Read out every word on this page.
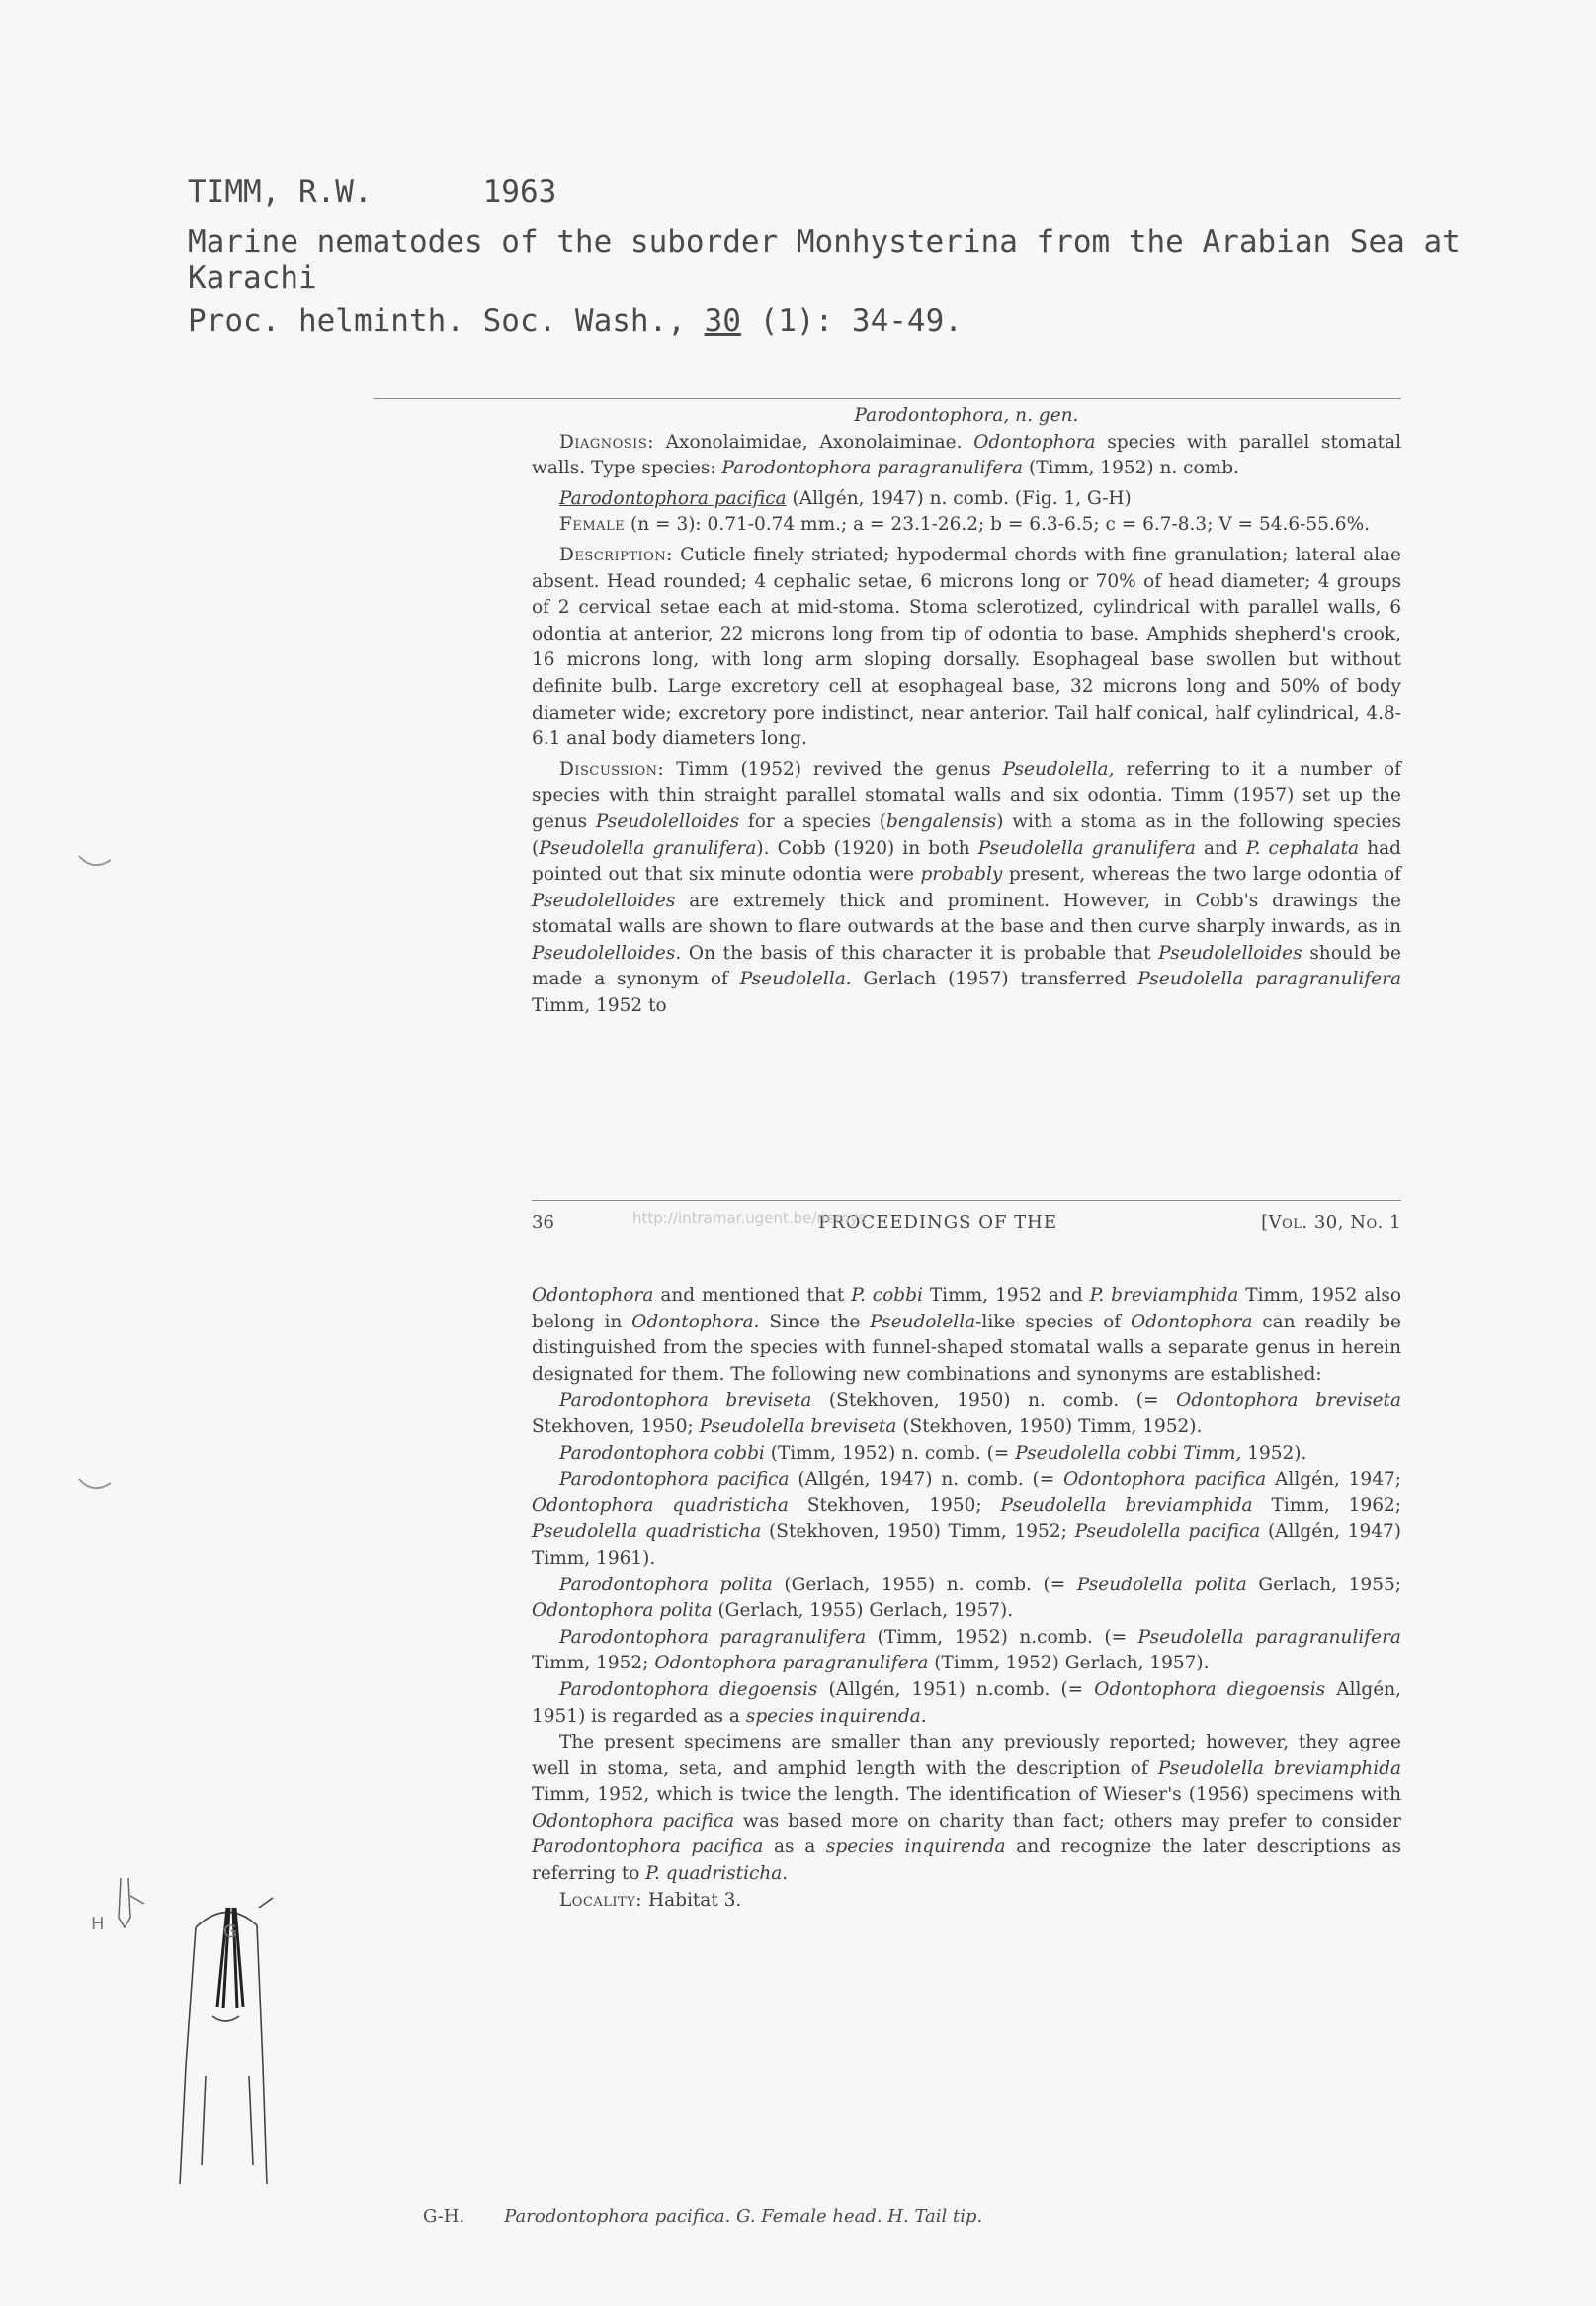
TIMM, R.W.	1963
Marine nematodes of the suborder Monhysterina from the Arabian Sea at Karachi
Proc. helminth. Soc. Wash., 30 (1): 34-49.

Parodontophora, n. gen.

Diagnosis: Axonolaimidae, Axonolaiminae. Odontophora species with parallel stomatal walls. Type species: Parodontophora paragranulifera (Timm, 1952) n. comb.

Parodontophora pacifica (Allgén, 1947) n. comb. (Fig. 1, G-H)

Female (n = 3): 0.71-0.74 mm.; a = 23.1-26.2; b = 6.3-6.5; c = 6.7-8.3; V = 54.6-55.6%.

Description: Cuticle finely striated; hypodermal chords with fine granulation; lateral alae absent. Head rounded; 4 cephalic setae, 6 microns long or 70% of head diameter; 4 groups of 2 cervical setae each at mid-stoma. Stoma sclerotized, cylindrical with parallel walls, 6 odontia at anterior, 22 microns long from tip of odontia to base. Amphids shepherd's crook, 16 microns long, with long arm sloping dorsally. Esophageal base swollen but without definite bulb. Large excretory cell at esophageal base, 32 microns long and 50% of body diameter wide; excretory pore indistinct, near anterior. Tail half conical, half cylindrical, 4.8-6.1 anal body diameters long.

Discussion: Timm (1952) revived the genus Pseudolella, referring to it a number of species with thin straight parallel stomatal walls and six odontia. Timm (1957) set up the genus Pseudolelloides for a species (bengalensis) with a stoma as in the following species (Pseudolella granulifera). Cobb (1920) in both Pseudolella granulifera and P. cephalata had pointed out that six minute odontia were probably present, whereas the two large odontia of Pseudolelloides are extremely thick and prominent. However, in Cobb's drawings the stomatal walls are shown to flare outwards at the base and then curve sharply inwards, as in Pseudolelloides. On the basis of this character it is probable that Pseudolelloides should be made a synonym of Pseudolella. Gerlach (1957) transferred Pseudolella paragranulifera Timm, 1952 to

36	PROCEEDINGS OF THE	[Vol. 30, No. 1
http://intramar.ugent.be/nemys

Odontophora and mentioned that P. cobbi Timm, 1952 and P. breviamphida Timm, 1952 also belong in Odontophora. Since the Pseudolella-like species of Odontophora can readily be distinguished from the species with funnel-shaped stomatal walls a separate genus in herein designated for them. The following new combinations and synonyms are established:

Parodontophora breviseta (Stekhoven, 1950) n. comb. (= Odontophora breviseta Stekhoven, 1950; Pseudolella breviseta (Stekhoven, 1950) Timm, 1952).

Parodontophora cobbi (Timm, 1952) n. comb. (= Pseudolella cobbi Timm, 1952).

Parodontophora pacifica (Allgén, 1947) n. comb. (= Odontophora pacifica Allgén, 1947; Odontophora quadristicha Stekhoven, 1950; Pseudolella breviamphida Timm, 1962; Pseudolella quadristicha (Stekhoven, 1950) Timm, 1952; Pseudolella pacifica (Allgén, 1947) Timm, 1961).

Parodontophora polita (Gerlach, 1955) n. comb. (= Pseudolella polita Gerlach, 1955; Odontophora polita (Gerlach, 1955) Gerlach, 1957).

Parodontophora paragranulifera (Timm, 1952) n.comb. (= Pseudolella paragranulifera Timm, 1952; Odontophora paragranulifera (Timm, 1952) Gerlach, 1957).

Parodontophora diegoensis (Allgén, 1951) n.comb. (= Odontophora diegoensis Allgén, 1951) is regarded as a species inquirenda.

The present specimens are smaller than any previously reported; however, they agree well in stoma, seta, and amphid length with the description of Pseudolella breviamphida Timm, 1952, which is twice the length. The identification of Wieser's (1956) specimens with Odontophora pacifica was based more on charity than fact; others may prefer to consider Parodontophora pacifica as a species inquirenda and recognize the later descriptions as referring to P. quadristicha.

Locality: Habitat 3.

H	G
G-H. Parodontophora pacifica. G. Female head. H. Tail tip.
